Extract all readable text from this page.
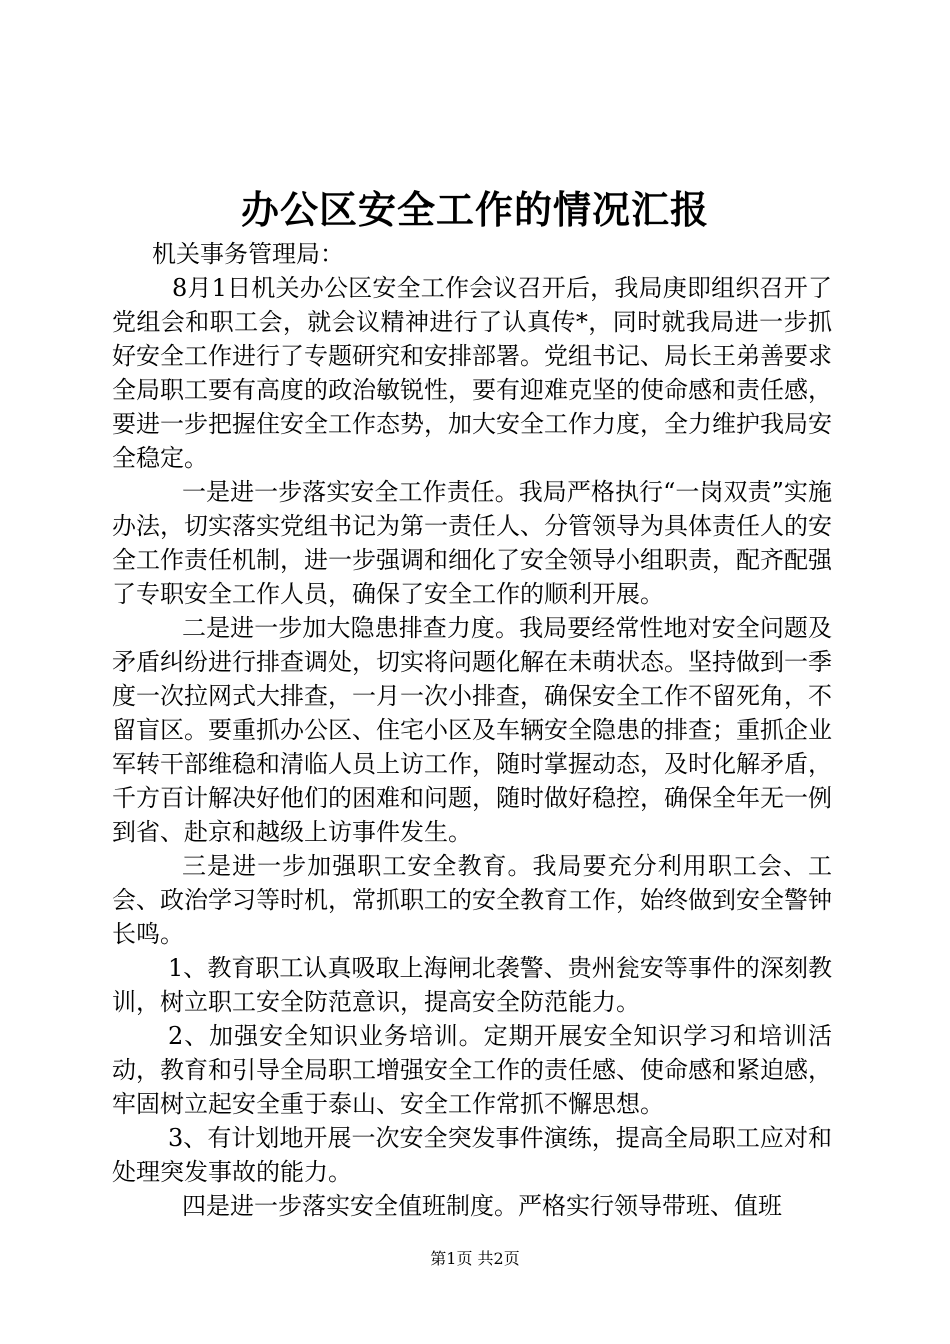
办公区安全工作的情况汇报

机关事务管理局：

8月1日机关办公区安全工作会议召开后，我局庚即组织召开了党组会和职工会，就会议精神进行了认真传*，同时就我局进一步抓好安全工作进行了专题研究和安排部署。党组书记、局长王弟善要求全局职工要有高度的政治敏锐性，要有迎难克坚的使命感和责任感，要进一步把握住安全工作态势，加大安全工作力度，全力维护我局安全稳定。

一是进一步落实安全工作责任。我局严格执行“一岗双责”实施办法，切实落实党组书记为第一责任人、分管领导为具体责任人的安全工作责任机制，进一步强调和细化了安全领导小组职责，配齐配强了专职安全工作人员，确保了安全工作的顺利开展。

二是进一步加大隐患排查力度。我局要经常性地对安全问题及矛盾纠纷进行排查调处，切实将问题化解在未萌状态。坚持做到一季度一次拉网式大排查，一月一次小排查，确保安全工作不留死角，不留盲区。要重抓办公区、住宅小区及车辆安全隐患的排查；重抓企业军转干部维稳和清临人员上访工作，随时掌握动态，及时化解矛盾，千方百计解决好他们的困难和问题，随时做好稳控，确保全年无一例到省、赴京和越级上访事件发生。

三是进一步加强职工安全教育。我局要充分利用职工会、工会、政治学习等时机，常抓职工的安全教育工作，始终做到安全警钟长鸣。

1、教育职工认真吸取上海闸北袭警、贵州瓮安等事件的深刻教训，树立职工安全防范意识，提高安全防范能力。

2、加强安全知识业务培训。定期开展安全知识学习和培训活动，教育和引导全局职工增强安全工作的责任感、使命感和紧迫感，牢固树立起安全重于泰山、安全工作常抓不懈思想。

3、有计划地开展一次安全突发事件演练，提高全局职工应对和处理突发事故的能力。

四是进一步落实安全值班制度。严格实行领导带班、值班

第1页 共2页
